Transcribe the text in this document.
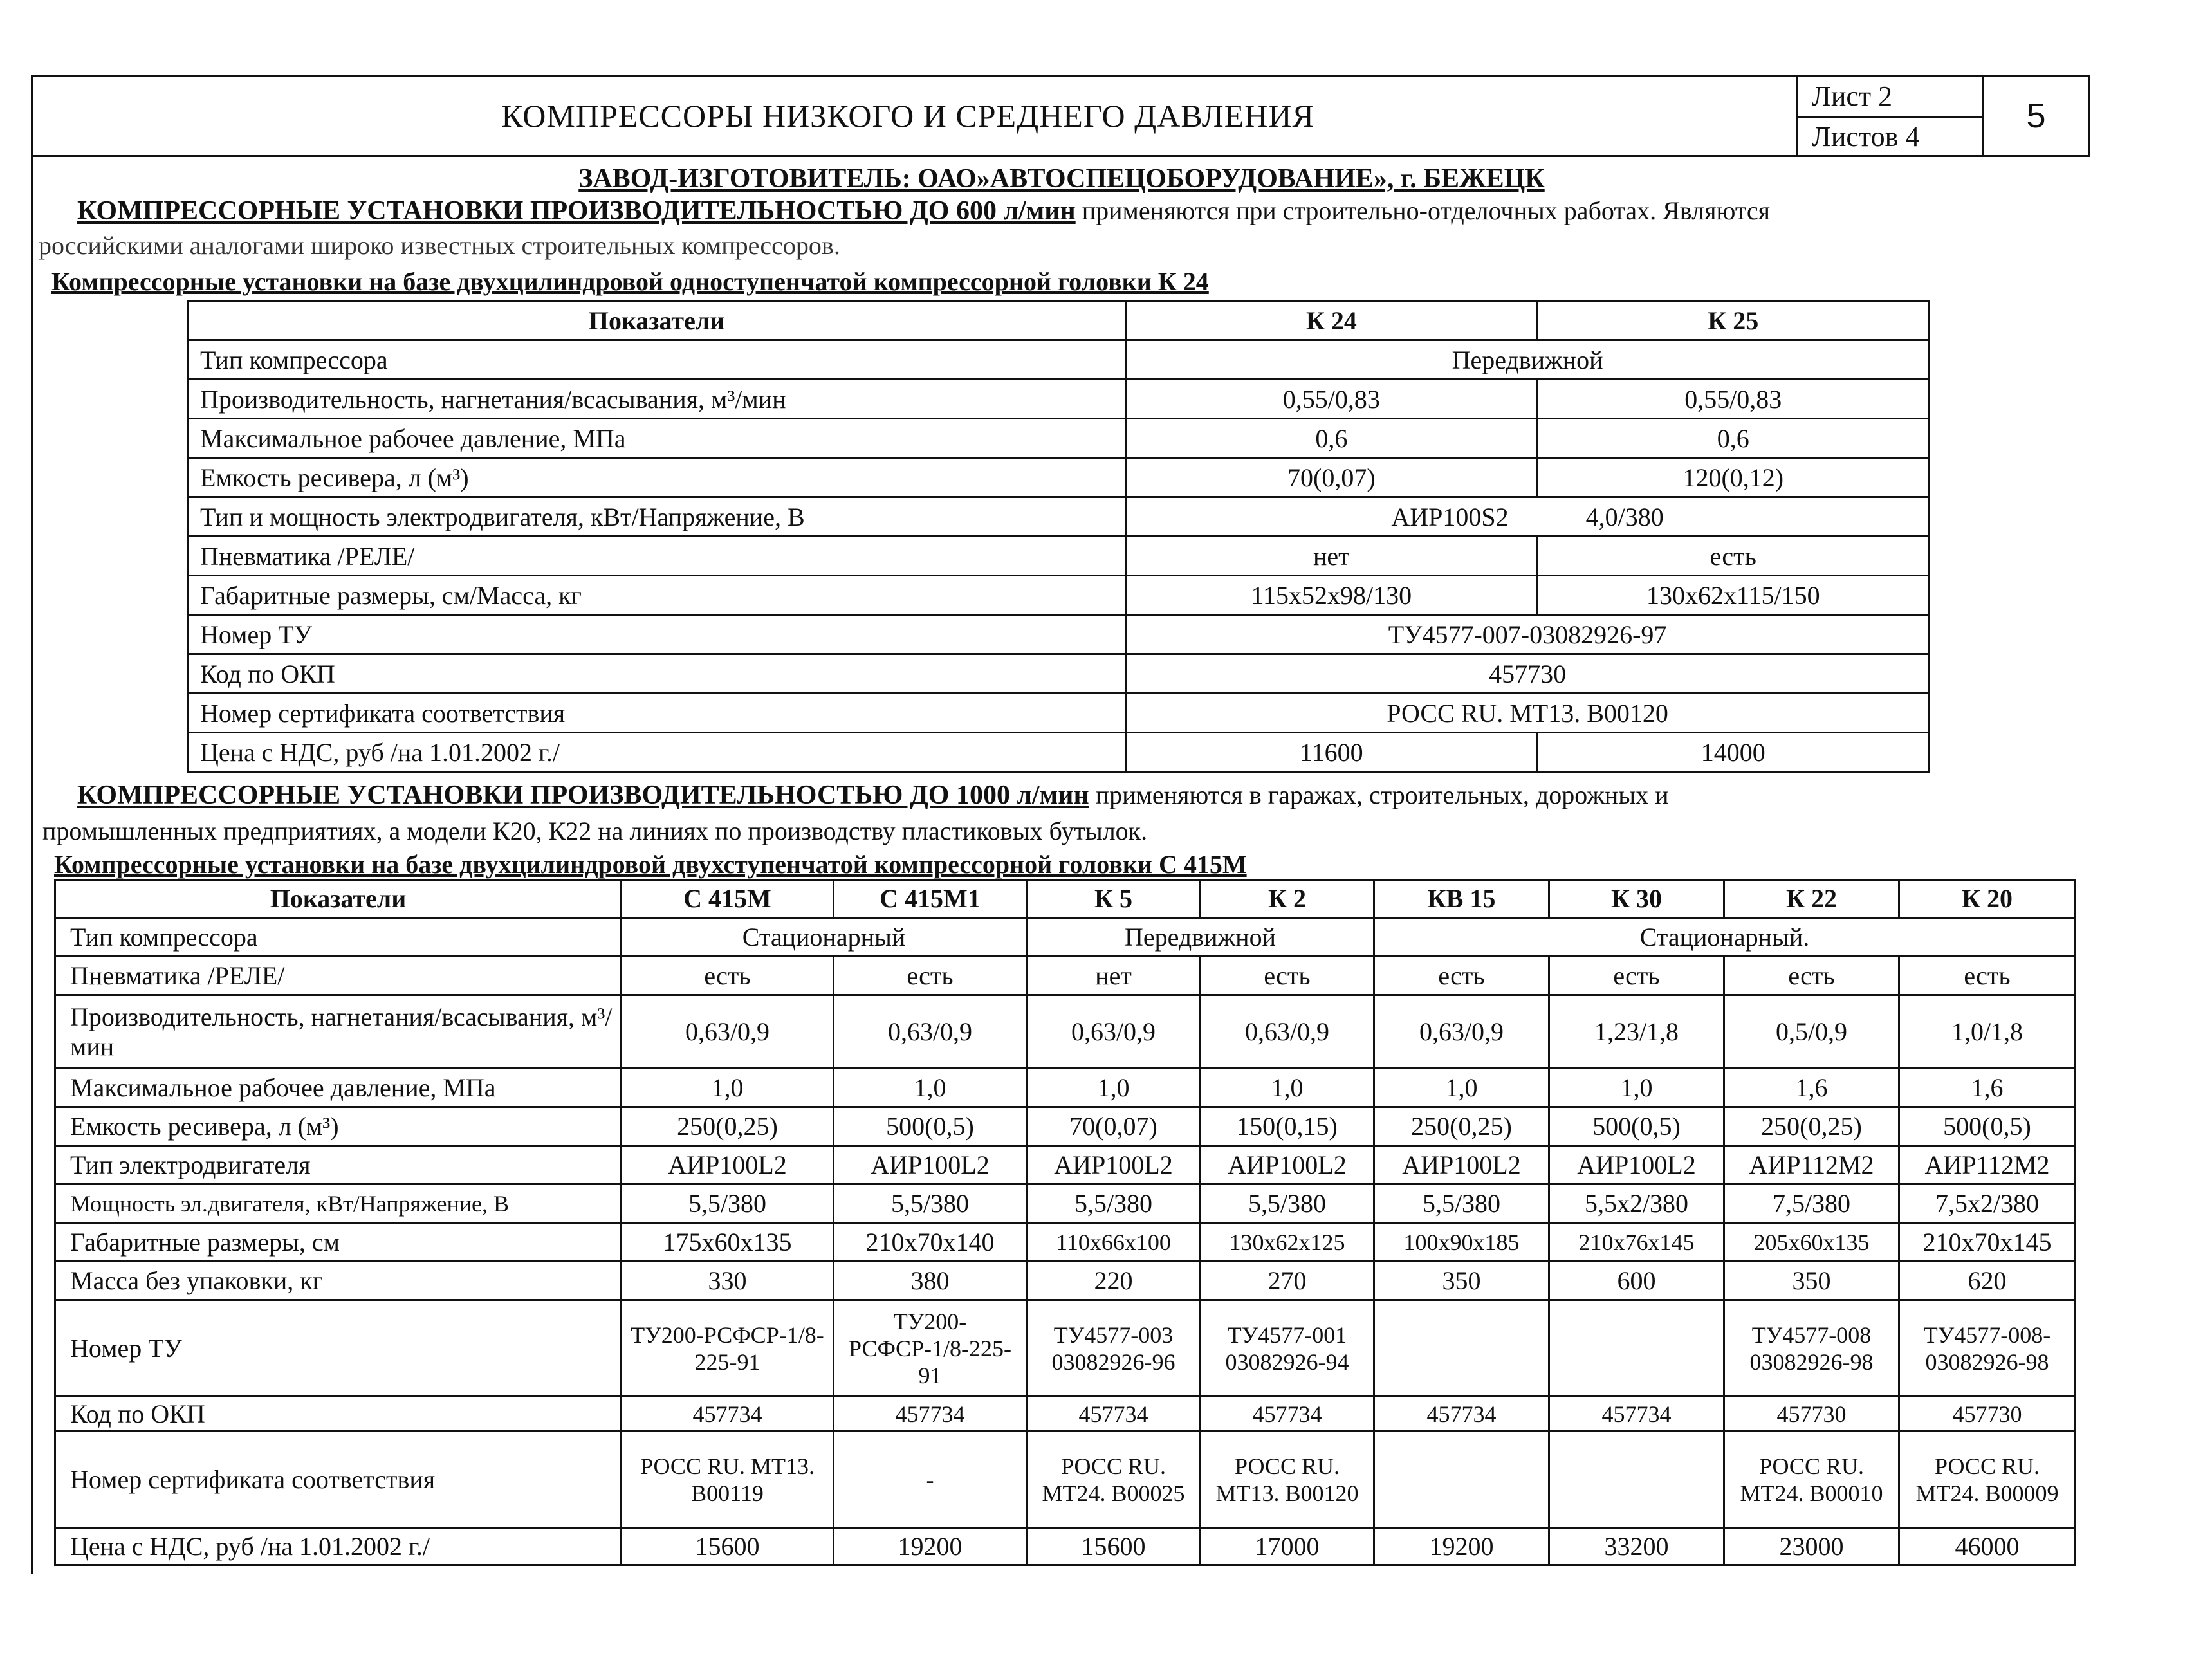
КОМПРЕССОРЫ НИЗКОГО И СРЕДНЕГО ДАВЛЕНИЯ
Лист 2
Листов 4
5
ЗАВОД-ИЗГОТОВИТЕЛЬ: ОАО»АВТОСПЕЦОБОРУДОВАНИЕ», г. БЕЖЕЦК
КОМПРЕССОРНЫЕ УСТАНОВКИ ПРОИЗВОДИТЕЛЬНОСТЬЮ ДО 600 л/мин применяются при строительно-отделочных работах. Являются
российскими аналогами широко известных строительных компрессоров.
Компрессорные установки на базе двухцилиндровой одноступенчатой компрессорной головки К 24
Показатели	К 24	К 25
Тип компрессора	Передвижной	
Производительность, нагнетания/всасывания, м³/мин	0,55/0,83	0,55/0,83
Максимальное рабочее давление, МПа	0,6	0,6
Емкость ресивера, л (м³)	70(0,07)	120(0,12)
Тип и мощность электродвигателя, кВт/Напряжение, В	АИР100S2            4,0/380	
Пневматика /РЕЛЕ/	нет	есть
Габаритные размеры, см/Масса, кг	115x52x98/130	130x62x115/150
Номер ТУ	ТУ4577-007-03082926-97	
Код по ОКП	457730	
Номер сертификата соответствия	РОСС RU. МТ13. В00120	
Цена с НДС, руб /на 1.01.2002 г./	11600	14000
КОМПРЕССОРНЫЕ УСТАНОВКИ ПРОИЗВОДИТЕЛЬНОСТЬЮ ДО 1000 л/мин применяются в гаражах, строительных, дорожных и
промышленных предприятиях, а модели К20, К22 на линиях по производству пластиковых бутылок.
Компрессорные установки на базе двухцилиндровой двухступенчатой компрессорной головки С 415М
Показатели	С 415М	С 415М1	К 5	К 2	КВ 15	К 30	К 22	К 20
Тип компрессора	Стационарный		Передвижной		Стационарный.			
Пневматика /РЕЛЕ/	есть	есть	нет	есть	есть	есть	есть	есть
Производительность, нагнетания/всасывания, м³/мин	0,63/0,9	0,63/0,9	0,63/0,9	0,63/0,9	0,63/0,9	1,23/1,8	0,5/0,9	1,0/1,8
Максимальное рабочее давление, МПа	1,0	1,0	1,0	1,0	1,0	1,0	1,6	1,6
Емкость ресивера, л (м³)	250(0,25)	500(0,5)	70(0,07)	150(0,15)	250(0,25)	500(0,5)	250(0,25)	500(0,5)
Тип электродвигателя	АИР100L2	АИР100L2	АИР100L2	АИР100L2	АИР100L2	АИР100L2	АИР112М2	АИР112М2
Мощность эл.двигателя, кВт/Напряжение, В	5,5/380	5,5/380	5,5/380	5,5/380	5,5/380	5,5x2/380	7,5/380	7,5x2/380
Габаритные размеры, см	175x60x135	210x70x140	110x66x100	130x62x125	100x90x185	210x76x145	205x60x135	210x70x145
Масса без упаковки, кг	330	380	220	270	350	600	350	620
Номер ТУ	ТУ200-РСФСР-1/8-225-91	ТУ200-РСФСР-1/8-225-91	ТУ4577-003 03082926-96	ТУ4577-001 03082926-94			ТУ4577-008 03082926-98	ТУ4577-008-03082926-98
Код по ОКП	457734	457734	457734	457734	457734	457734	457730	457730
Номер сертификата соответствия	РОСС RU. МТ13. В00119	-	РОСС RU. МТ24. В00025	РОСС RU. МТ13. В00120			РОСС RU. МТ24. В00010	РОСС RU. МТ24. В00009
Цена с НДС, руб /на 1.01.2002 г./	15600	19200	15600	17000	19200	33200	23000	46000
